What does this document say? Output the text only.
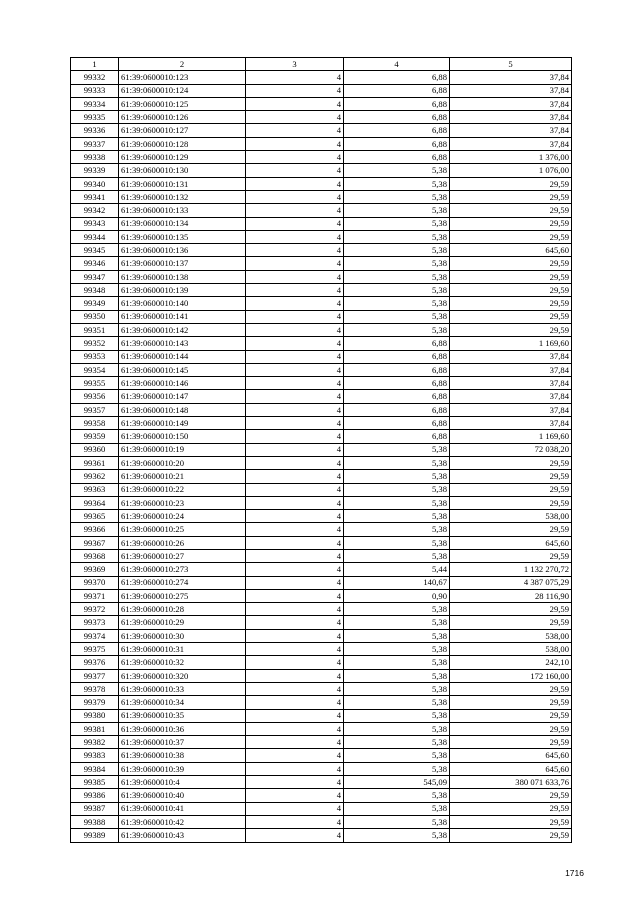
1	2	3	4	5
99332	61:39:0600010:123	4	6,88	37,84
99333	61:39:0600010:124	4	6,88	37,84
99334	61:39:0600010:125	4	6,88	37,84
99335	61:39:0600010:126	4	6,88	37,84
99336	61:39:0600010:127	4	6,88	37,84
99337	61:39:0600010:128	4	6,88	37,84
99338	61:39:0600010:129	4	6,88	1 376,00
99339	61:39:0600010:130	4	5,38	1 076,00
99340	61:39:0600010:131	4	5,38	29,59
99341	61:39:0600010:132	4	5,38	29,59
99342	61:39:0600010:133	4	5,38	29,59
99343	61:39:0600010:134	4	5,38	29,59
99344	61:39:0600010:135	4	5,38	29,59
99345	61:39:0600010:136	4	5,38	645,60
99346	61:39:0600010:137	4	5,38	29,59
99347	61:39:0600010:138	4	5,38	29,59
99348	61:39:0600010:139	4	5,38	29,59
99349	61:39:0600010:140	4	5,38	29,59
99350	61:39:0600010:141	4	5,38	29,59
99351	61:39:0600010:142	4	5,38	29,59
99352	61:39:0600010:143	4	6,88	1 169,60
99353	61:39:0600010:144	4	6,88	37,84
99354	61:39:0600010:145	4	6,88	37,84
99355	61:39:0600010:146	4	6,88	37,84
99356	61:39:0600010:147	4	6,88	37,84
99357	61:39:0600010:148	4	6,88	37,84
99358	61:39:0600010:149	4	6,88	37,84
99359	61:39:0600010:150	4	6,88	1 169,60
99360	61:39:0600010:19	4	5,38	72 038,20
99361	61:39:0600010:20	4	5,38	29,59
99362	61:39:0600010:21	4	5,38	29,59
99363	61:39:0600010:22	4	5,38	29,59
99364	61:39:0600010:23	4	5,38	29,59
99365	61:39:0600010:24	4	5,38	538,00
99366	61:39:0600010:25	4	5,38	29,59
99367	61:39:0600010:26	4	5,38	645,60
99368	61:39:0600010:27	4	5,38	29,59
99369	61:39:0600010:273	4	5,44	1 132 270,72
99370	61:39:0600010:274	4	140,67	4 387 075,29
99371	61:39:0600010:275	4	0,90	28 116,90
99372	61:39:0600010:28	4	5,38	29,59
99373	61:39:0600010:29	4	5,38	29,59
99374	61:39:0600010:30	4	5,38	538,00
99375	61:39:0600010:31	4	5,38	538,00
99376	61:39:0600010:32	4	5,38	242,10
99377	61:39:0600010:320	4	5,38	172 160,00
99378	61:39:0600010:33	4	5,38	29,59
99379	61:39:0600010:34	4	5,38	29,59
99380	61:39:0600010:35	4	5,38	29,59
99381	61:39:0600010:36	4	5,38	29,59
99382	61:39:0600010:37	4	5,38	29,59
99383	61:39:0600010:38	4	5,38	645,60
99384	61:39:0600010:39	4	5,38	645,60
99385	61:39:0600010:4	4	545,09	380 071 633,76
99386	61:39:0600010:40	4	5,38	29,59
99387	61:39:0600010:41	4	5,38	29,59
99388	61:39:0600010:42	4	5,38	29,59
99389	61:39:0600010:43	4	5,38	29,59
1716
